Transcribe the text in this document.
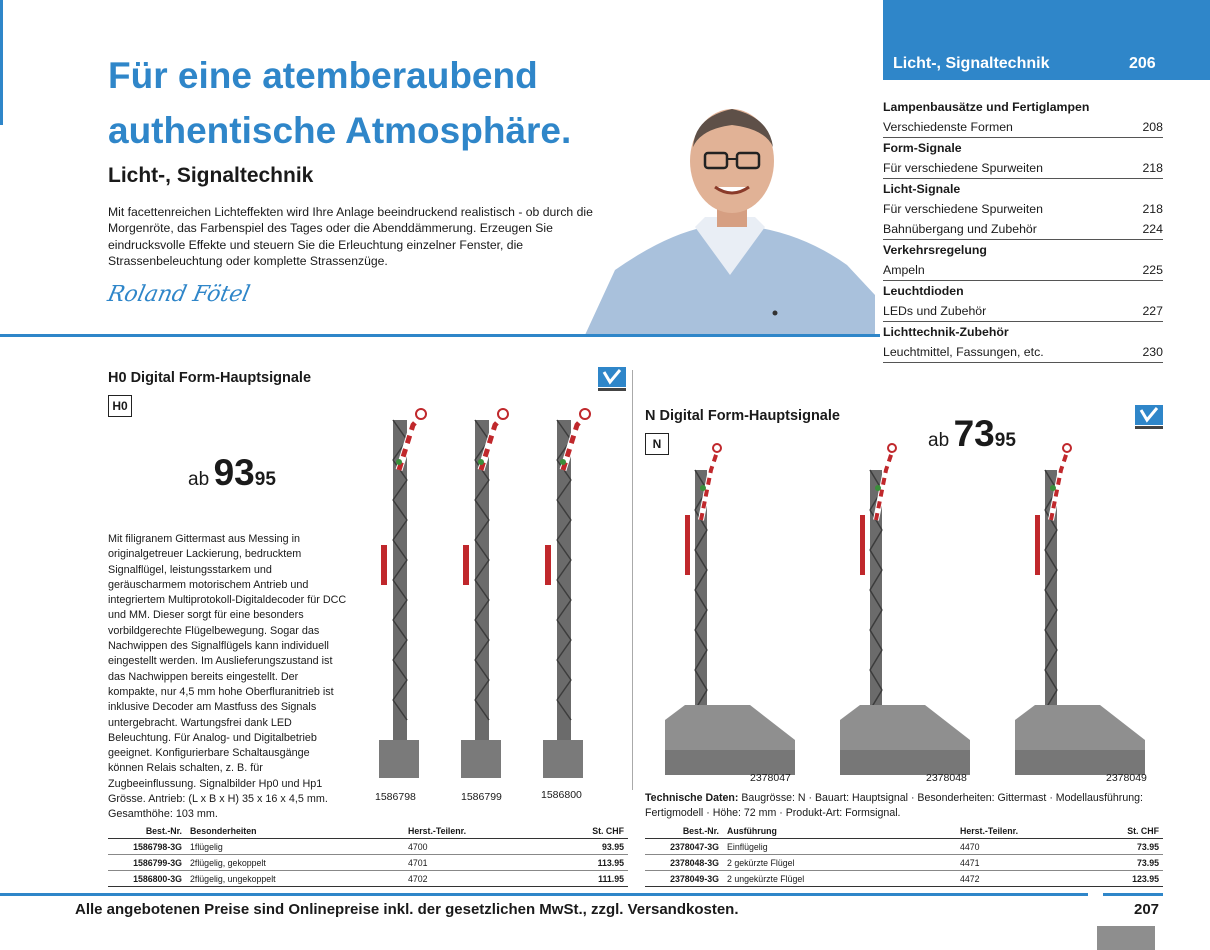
Für eine atemberaubend authentische Atmosphäre.
Licht-, Signaltechnik
Mit facettenreichen Lichteffekten wird Ihre Anlage beeindruckend realistisch - ob durch die Morgenröte, das Farbenspiel des Tages oder die Abenddämmerung. Erzeugen Sie eindrucksvolle Effekte und steuern Sie die Erleuchtung einzelner Fenster, die Strassenbeleuchtung oder komplette Strassenzüge.
Roland Fötel
Licht-, Signaltechnik	206
Lampenbausätze und Fertiglampen
Verschiedenste Formen	208
Form-Signale
Für verschiedene Spurweiten	218
Licht-Signale
Für verschiedene Spurweiten	218
Bahnübergang und Zubehör	224
Verkehrsregelung
Ampeln	225
Leuchtdioden
LEDs und Zubehör	227
Lichttechnik-Zubehör
Leuchtmittel, Fassungen, etc.	230
H0 Digital Form-Hauptsignale
H0
ab 9395
Mit filigranem Gittermast aus Messing in originalgetreuer Lackierung, bedrucktem Signalflügel, leistungsstarkem und geräuscharmem motorischem Antrieb und integriertem Multiprotokoll-Digitaldecoder für DCC und MM. Dieser sorgt für eine besonders vorbildgerechte Flügelbewegung. Sogar das Nachwippen des Signalflügels kann individuell eingestellt werden. Im Auslieferungszustand ist das Nachwippen bereits eingestellt. Der kompakte, nur 4,5 mm hohe Oberfluranitrieb ist inklusive Decoder am Mastfuss des Signals untergebracht. Wartungsfrei dank LED Beleuchtung. Für Analog- und Digitalbetrieb geeignet. Konfigurierbare Schaltausgänge können Relais schalten, z. B. für Zugbeeinflussung. Signalbilder Hp0 und Hp1 Grösse. Antrieb: (L x B x H) 35 x 16 x 4,5 mm. Gesamthöhe: 103 mm.
1586798	1586799	1586800
Best.-Nr.	Besonderheiten	Herst.-Teilenr.	St. CHF
1586798-3G	1flügelig	4700	93.95
1586799-3G	2flügelig, gekoppelt	4701	113.95
1586800-3G	2flügelig, ungekoppelt	4702	111.95
N Digital Form-Hauptsignale
N	ab 7395
2378047	2378048	2378049
Technische Daten: Baugrösse: N · Bauart: Hauptsignal · Besonderheiten: Gittermast · Modellausführung: Fertigmodell · Höhe: 72 mm · Produkt-Art: Formsignal.
Best.-Nr.	Ausführung	Herst.-Teilenr.	St. CHF
2378047-3G	Einflügelig	4470	73.95
2378048-3G	2 gekürzte Flügel	4471	73.95
2378049-3G	2 ungekürzte Flügel	4472	123.95
Alle angebotenen Preise sind Onlinepreise inkl. der gesetzlichen MwSt., zzgl. Versandkosten.	207
